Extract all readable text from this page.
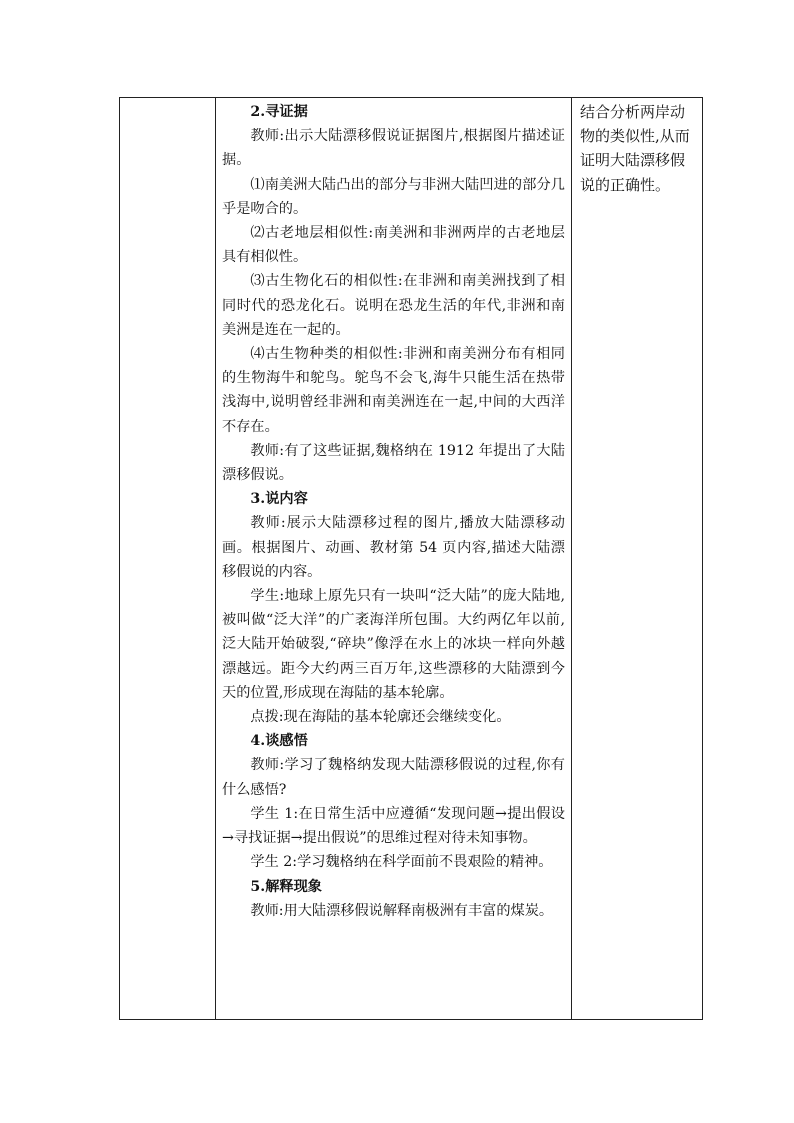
2.寻证据

教师:出示大陆漂移假说证据图片,根据图片描述证据。

⑴南美洲大陆凸出的部分与非洲大陆凹进的部分几乎是吻合的。

⑵古老地层相似性:南美洲和非洲两岸的古老地层具有相似性。

⑶古生物化石的相似性:在非洲和南美洲找到了相同时代的恐龙化石。说明在恐龙生活的年代,非洲和南美洲是连在一起的。

⑷古生物种类的相似性:非洲和南美洲分布有相同的生物海牛和鸵鸟。鸵鸟不会飞,海牛只能生活在热带浅海中,说明曾经非洲和南美洲连在一起,中间的大西洋不存在。

教师:有了这些证据,魏格纳在 1912 年提出了大陆漂移假说。

3.说内容

教师:展示大陆漂移过程的图片,播放大陆漂移动画。根据图片、动画、教材第 54 页内容,描述大陆漂移假说的内容。

学生:地球上原先只有一块叫“泛大陆”的庞大陆地,被叫做“泛大洋”的广袤海洋所包围。大约两亿年以前,泛大陆开始破裂,“碎块”像浮在水上的冰块一样向外越漂越远。距今大约两三百万年,这些漂移的大陆漂到今天的位置,形成现在海陆的基本轮廓。

点拨:现在海陆的基本轮廓还会继续变化。

4.谈感悟

教师:学习了魏格纳发现大陆漂移假说的过程,你有什么感悟?

学生 1:在日常生活中应遵循“发现问题→提出假设→寻找证据→提出假说”的思维过程对待未知事物。

学生 2:学习魏格纳在科学面前不畏艰险的精神。

5.解释现象

教师:用大陆漂移假说解释南极洲有丰富的煤炭。

结合分析两岸动物的类似性,从而证明大陆漂移假说的正确性。
